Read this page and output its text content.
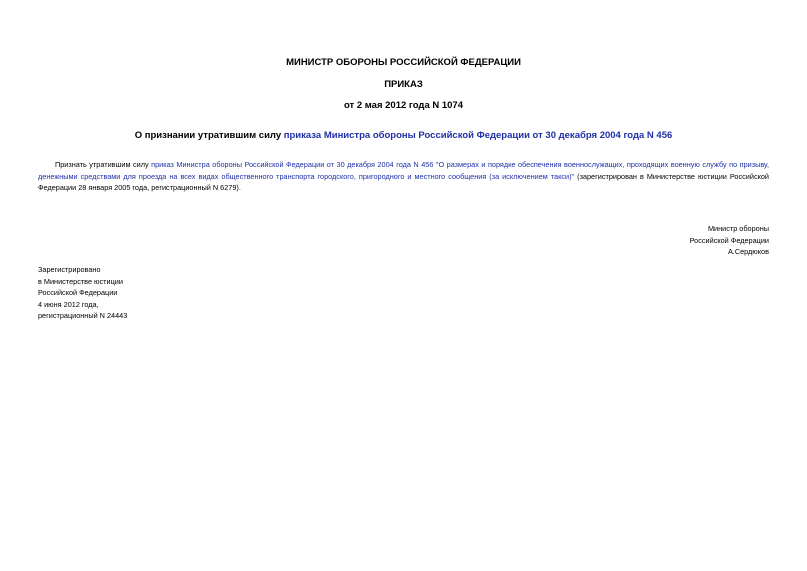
МИНИСТР ОБОРОНЫ РОССИЙСКОЙ ФЕДЕРАЦИИ
ПРИКАЗ
от 2 мая 2012 года N 1074
О признании утратившим силу приказа Министра обороны Российской Федерации от 30 декабря 2004 года N 456

Признать утратившим силу приказ Министра обороны Российской Федерации от 30 декабря 2004 года N 456 "О размерах и порядке обеспечения военнослужащих, проходящих военную службу по призыву, денежными средствами для проезда на всех видах общественного транспорта городского, пригородного и местного сообщения (за исключением такси)" (зарегистрирован в Министерстве юстиции Российской Федерации 28 января 2005 года, регистрационный N 6279).

Министр обороны
Российской Федерации
А.Сердюков
Зарегистрировано
в Министерстве юстиции
Российской Федерации
4 июня 2012 года,
регистрационный N 24443
